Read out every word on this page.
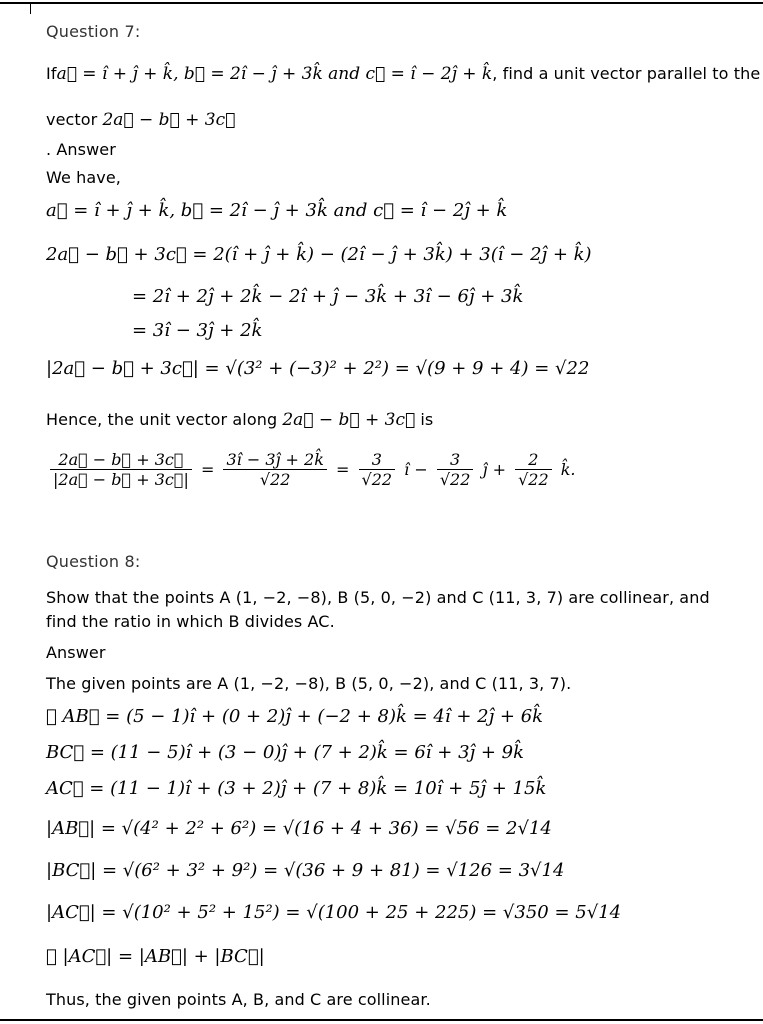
Question 7:
Ifa⃗ = î + ĵ + k̂, b⃗ = 2î − ĵ + 3k̂ and c⃗ = î − 2ĵ + k̂, find a unit vector parallel to the
vector 2a⃗ − b⃗ + 3c⃗
. Answer
We have,
a⃗ = î + ĵ + k̂, b⃗ = 2î − ĵ + 3k̂ and c⃗ = î − 2ĵ + k̂
2a⃗ − b⃗ + 3c⃗ = 2(î + ĵ + k̂) − (2î − ĵ + 3k̂) + 3(î − 2ĵ + k̂)
= 2î + 2ĵ + 2k̂ − 2î + ĵ − 3k̂ + 3î − 6ĵ + 3k̂
= 3î − 3ĵ + 2k̂
|2a⃗ − b⃗ + 3c⃗| = √(3² + (−3)² + 2²) = √(9 + 9 + 4) = √22
Hence, the unit vector along 2a⃗ − b⃗ + 3c⃗ is
$\frac{2a⃗ - b⃗ + 3c⃗}{|2a⃗ - b⃗ + 3c⃗|} = \frac{3î - 3ĵ + 2k̂}{√22} = \frac{3}{√22}$ î − $\frac{3}{√22}$ ĵ + $\frac{2}{√22}$ k̂.
Question 8:
Show that the points A (1, −2, −8), B (5, 0, −2) and C (11, 3, 7) are collinear, and
find the ratio in which B divides AC.
Answer
The given points are A (1, −2, −8), B (5, 0, −2), and C (11, 3, 7).
∴ AB⃗ = (5 − 1)î + (0 + 2)ĵ + (−2 + 8)k̂ = 4î + 2ĵ + 6k̂
BC⃗ = (11 − 5)î + (3 − 0)ĵ + (7 + 2)k̂ = 6î + 3ĵ + 9k̂
AC⃗ = (11 − 1)î + (3 + 2)ĵ + (7 + 8)k̂ = 10î + 5ĵ + 15k̂
|AB⃗| = √(4² + 2² + 6²) = √(16 + 4 + 36) = √56 = 2√14
|BC⃗| = √(6² + 3² + 9²) = √(36 + 9 + 81) = √126 = 3√14
|AC⃗| = √(10² + 5² + 15²) = √(100 + 25 + 225) = √350 = 5√14
∴ |AC⃗| = |AB⃗| + |BC⃗|
Thus, the given points A, B, and C are collinear.
